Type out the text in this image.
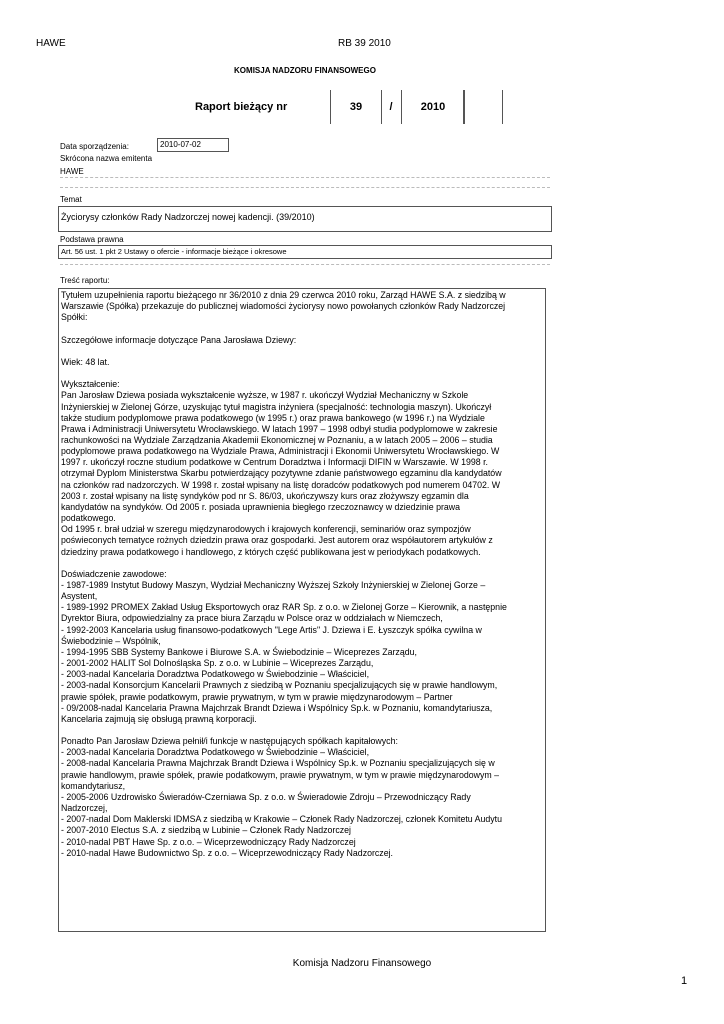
HAWE	RB 39 2010
KOMISJA NADZORU FINANSOWEGO
Raport bieżący nr	39	/	2010
Data sporządzenia:	2010-07-02
Skrócona nazwa emitenta
HAWE
Temat
Życiorysy członków Rady Nadzorczej nowej kadencji. (39/2010)
Podstawa prawna
Art. 56 ust. 1 pkt 2 Ustawy o ofercie - informacje bieżące i okresowe
Treść raportu:
Tytułem uzupełnienia raportu bieżącego nr 36/2010 z dnia 29 czerwca 2010 roku, Zarząd HAWE S.A. z siedzibą w
Warszawie (Spółka) przekazuje do publicznej wiadomości życiorysy nowo powołanych członków Rady Nadzorczej
Spółki:
Szczegółowe informacje dotyczące Pana Jarosława Dziewy:
Wiek: 48 lat.
Wykształcenie:
Pan Jarosław Dziewa posiada wykształcenie wyższe, w 1987 r. ukończył Wydział Mechaniczny w Szkole
Inżynierskiej w Zielonej Górze, uzyskując tytuł magistra inżyniera (specjalność: technologia maszyn). Ukończył
także studium podyplomowe prawa podatkowego (w 1995 r.) oraz prawa bankowego (w 1996 r.) na Wydziale
Prawa i Administracji Uniwersytetu Wrocławskiego. W latach 1997 – 1998 odbył studia podyplomowe w zakresie
rachunkowości na Wydziale Zarządzania Akademii Ekonomicznej w Poznaniu, a w latach 2005 – 2006 – studia
podyplomowe prawa podatkowego na Wydziale Prawa, Administracji i Ekonomii Uniwersytetu Wrocławskiego. W
1997 r. ukończył roczne studium podatkowe w Centrum Doradztwa i Informacji DIFIN w Warszawie. W 1998 r.
otrzymał Dyplom Ministerstwa Skarbu potwierdzający pozytywne zdanie państwowego egzaminu dla kandydatów
na członków rad nadzorczych. W 1998 r. został wpisany na listę doradców podatkowych pod numerem 04702. W
2003 r. został wpisany na listę syndyków pod nr S. 86/03, ukończywszy kurs oraz złożywszy egzamin dla
kandydatów na syndyków. Od 2005 r. posiada uprawnienia biegłego rzeczoznawcy w dziedzinie prawa
podatkowego.
Od 1995 r. brał udział w szeregu międzynarodowych i krajowych konferencji, seminariów oraz sympozjów
poświeconych tematyce rożnych dziedzin prawa oraz gospodarki. Jest autorem oraz współautorem artykułów z
dziedziny prawa podatkowego i handlowego, z których część publikowana jest w periodykach podatkowych.
Doświadczenie zawodowe:
- 1987-1989 Instytut Budowy Maszyn, Wydział Mechaniczny Wyższej Szkoły Inżynierskiej w Zielonej Gorze –
Asystent,
- 1989-1992 PROMEX Zakład Usług Eksportowych oraz RAR Sp. z o.o. w Zielonej Gorze – Kierownik, a następnie
Dyrektor Biura, odpowiedzialny za prace biura Zarządu w Polsce oraz w oddziałach w Niemczech,
- 1992-2003 Kancelaria usług finansowo-podatkowych "Lege Artis" J. Dziewa i E. Łyszczyk spółka cywilna w
Świebodzinie – Wspólnik,
- 1994-1995 SBB Systemy Bankowe i Biurowe S.A. w Świebodzinie – Wiceprezes Zarządu,
- 2001-2002 HALIT Sol Dolnośląska Sp. z o.o. w Lubinie – Wiceprezes Zarządu,
- 2003-nadal Kancelaria Doradztwa Podatkowego w Świebodzinie – Właściciel,
- 2003-nadal Konsorcjum Kancelarii Prawnych z siedzibą w Poznaniu specjalizujących się w prawie handlowym,
prawie spółek, prawie podatkowym, prawie prywatnym, w tym w prawie międzynarodowym – Partner
- 09/2008-nadal Kancelaria Prawna Majchrzak Brandt Dziewa i Wspólnicy Sp.k. w Poznaniu, komandytariusza,
Kancelaria zajmują się obsługą prawną korporacji.
Ponadto Pan Jarosław Dziewa pełnił/i funkcje w następujących spółkach kapitałowych:
- 2003-nadal Kancelaria Doradztwa Podatkowego w Świebodzinie – Właściciel,
- 2008-nadal Kancelaria Prawna Majchrzak Brandt Dziewa i Wspólnicy Sp.k. w Poznaniu specjalizujących się w
prawie handlowym, prawie spółek, prawie podatkowym, prawie prywatnym, w tym w prawie międzynarodowym –
komandytariusz,
- 2005-2006 Uzdrowisko Świeradów-Czerniawa Sp. z o.o. w Świeradowie Zdroju – Przewodniczący Rady
Nadzorczej,
- 2007-nadal Dom Maklerski IDMSA z siedzibą w Krakowie – Członek Rady Nadzorczej, członek Komitetu Audytu
- 2007-2010 Electus S.A. z siedzibą w Lubinie – Członek Rady Nadzorczej
- 2010-nadal PBT Hawe Sp. z o.o. – Wiceprzewodniczący Rady Nadzorczej
- 2010-nadal Hawe Budownictwo Sp. z o.o. – Wiceprzewodniczący Rady Nadzorczej.
Komisja Nadzoru Finansowego
1
